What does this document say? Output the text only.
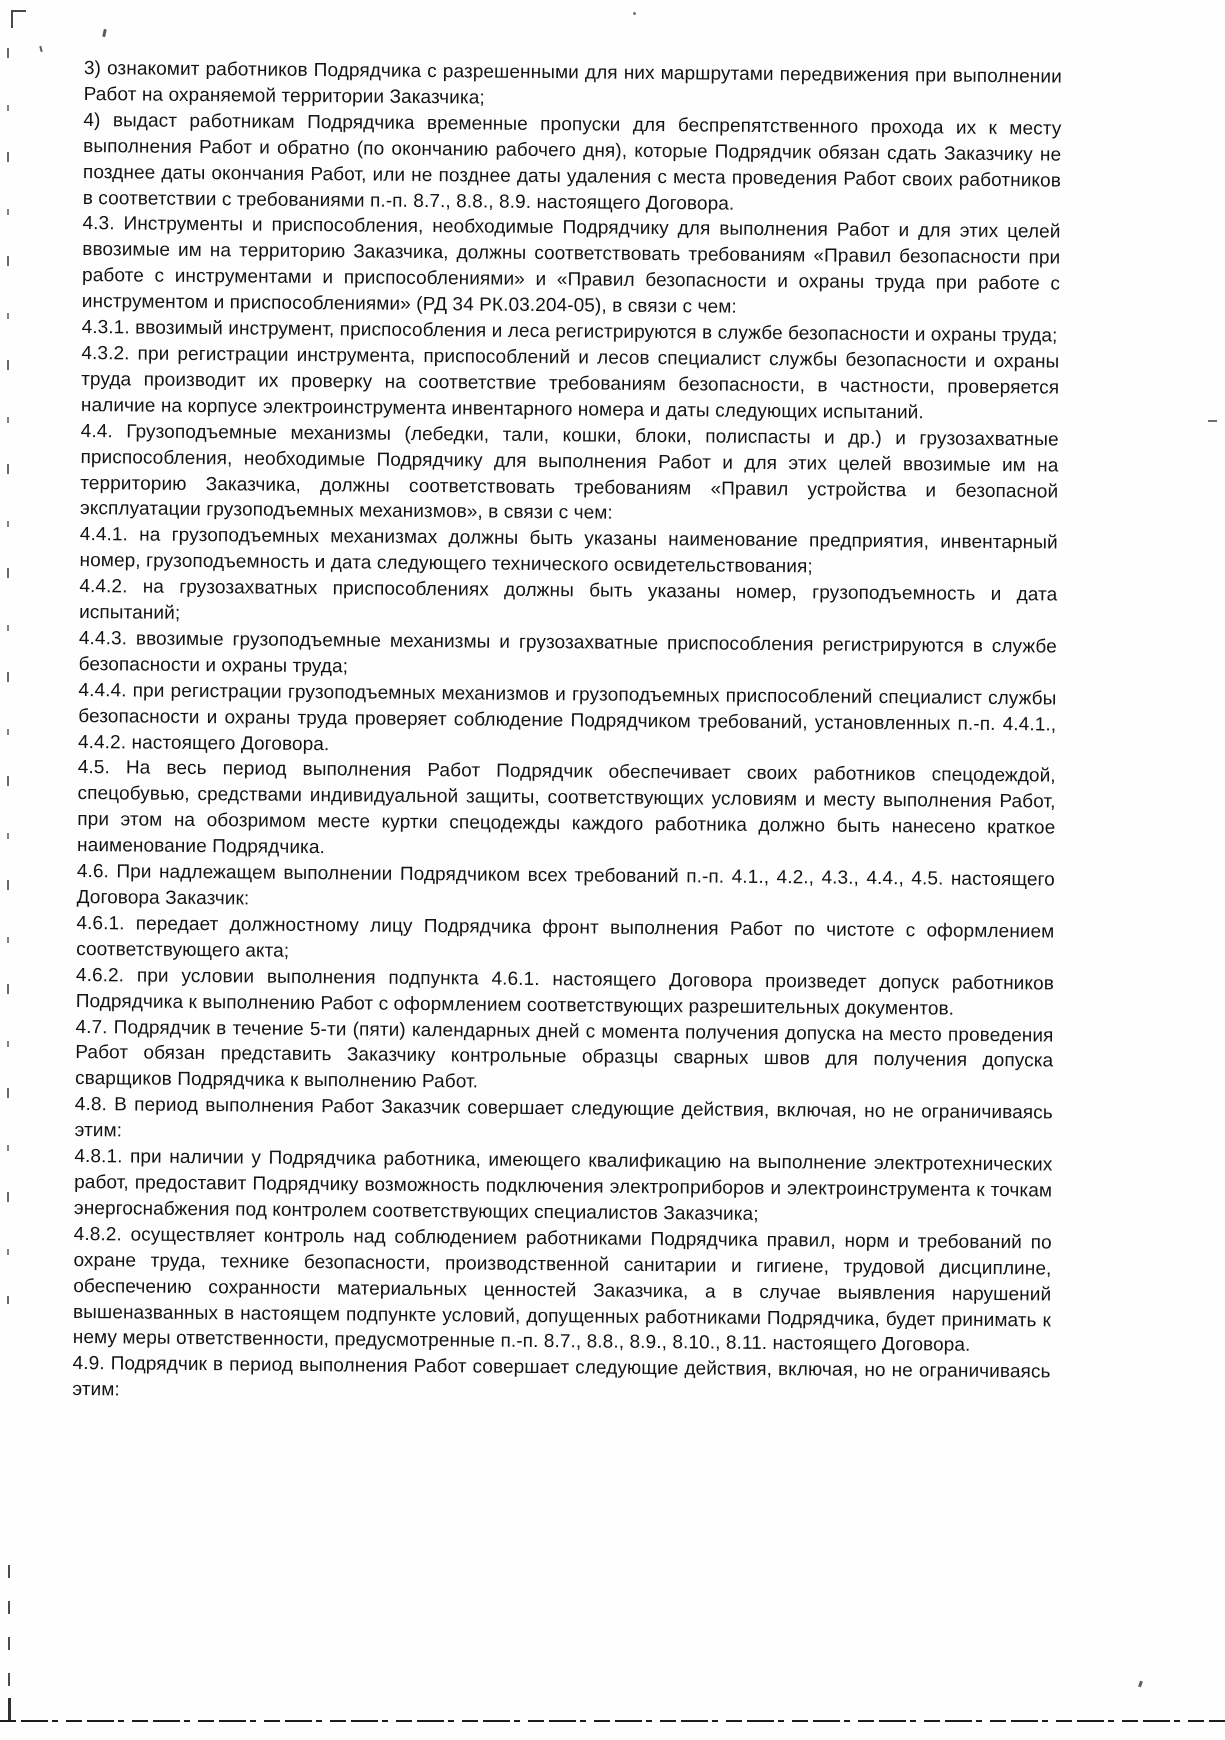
3) ознакомит работников Подрядчика с разрешенными для них маршрутами передвижения при выполнении Работ на охраняемой территории Заказчика;

4) выдаст работникам Подрядчика временные пропуски для беспрепятственного прохода их к месту выполнения Работ и обратно (по окончанию рабочего дня), которые Подрядчик обязан сдать Заказчику не позднее даты окончания Работ, или не позднее даты удаления с места проведения Работ своих работников в соответствии с требованиями п.-п. 8.7., 8.8., 8.9. настоящего Договора.

4.3. Инструменты и приспособления, необходимые Подрядчику для выполнения Работ и для этих целей ввозимые им на территорию Заказчика, должны соответствовать требованиям «Правил безопасности при работе с инструментами и приспособлениями» и «Правил безопасности и охраны труда при работе с инструментом и приспособлениями» (РД 34 РК.03.204-05), в связи с чем:

4.3.1. ввозимый инструмент, приспособления и леса регистрируются в службе безопасности и охраны труда;

4.3.2. при регистрации инструмента, приспособлений и лесов специалист службы безопасности и охраны труда производит их проверку на соответствие требованиям безопасности, в частности, проверяется наличие на корпусе электроинструмента инвентарного номера и даты следующих испытаний.

4.4. Грузоподъемные механизмы (лебедки, тали, кошки, блоки, полиспасты и др.) и грузозахватные приспособления, необходимые Подрядчику для выполнения Работ и для этих целей ввозимые им на территорию Заказчика, должны соответствовать требованиям «Правил устройства и безопасной эксплуатации грузоподъемных механизмов», в связи с чем:

4.4.1. на грузоподъемных механизмах должны быть указаны наименование предприятия, инвентарный номер, грузоподъемность и дата следующего технического освидетельствования;

4.4.2. на грузозахватных приспособлениях должны быть указаны номер, грузоподъемность и дата испытаний;

4.4.3. ввозимые грузоподъемные механизмы и грузозахватные приспособления регистрируются в службе безопасности и охраны труда;

4.4.4. при регистрации грузоподъемных механизмов и грузоподъемных приспособлений специалист службы безопасности и охраны труда проверяет соблюдение Подрядчиком требований, установленных п.-п. 4.4.1., 4.4.2. настоящего Договора.

4.5. На весь период выполнения Работ Подрядчик обеспечивает своих работников спецодеждой, спецобувью, средствами индивидуальной защиты, соответствующих условиям и месту выполнения Работ, при этом на обозримом месте куртки спецодежды каждого работника должно быть нанесено краткое наименование Подрядчика.

4.6. При надлежащем выполнении Подрядчиком всех требований п.-п. 4.1., 4.2., 4.3., 4.4., 4.5. настоящего Договора Заказчик:

4.6.1. передает должностному лицу Подрядчика фронт выполнения Работ по чистоте с оформлением соответствующего акта;

4.6.2. при условии выполнения подпункта 4.6.1. настоящего Договора произведет допуск работников Подрядчика к выполнению Работ с оформлением соответствующих разрешительных документов.

4.7. Подрядчик в течение 5-ти (пяти) календарных дней с момента получения допуска на место проведения Работ обязан представить Заказчику контрольные образцы сварных швов для получения допуска сварщиков Подрядчика к выполнению Работ.

4.8. В период выполнения Работ Заказчик совершает следующие действия, включая, но не ограничиваясь этим:

4.8.1. при наличии у Подрядчика работника, имеющего квалификацию на выполнение электротехнических работ, предоставит Подрядчику возможность подключения электроприборов и электроинструмента к точкам энергоснабжения под контролем соответствующих специалистов Заказчика;

4.8.2. осуществляет контроль над соблюдением работниками Подрядчика правил, норм и требований по охране труда, технике безопасности, производственной санитарии и гигиене, трудовой дисциплине, обеспечению сохранности материальных ценностей Заказчика, а в случае выявления нарушений вышеназванных в настоящем подпункте условий, допущенных работниками Подрядчика, будет принимать к нему меры ответственности, предусмотренные п.-п. 8.7., 8.8., 8.9., 8.10., 8.11. настоящего Договора.

4.9. Подрядчик в период выполнения Работ совершает следующие действия, включая, но не ограничиваясь этим:
